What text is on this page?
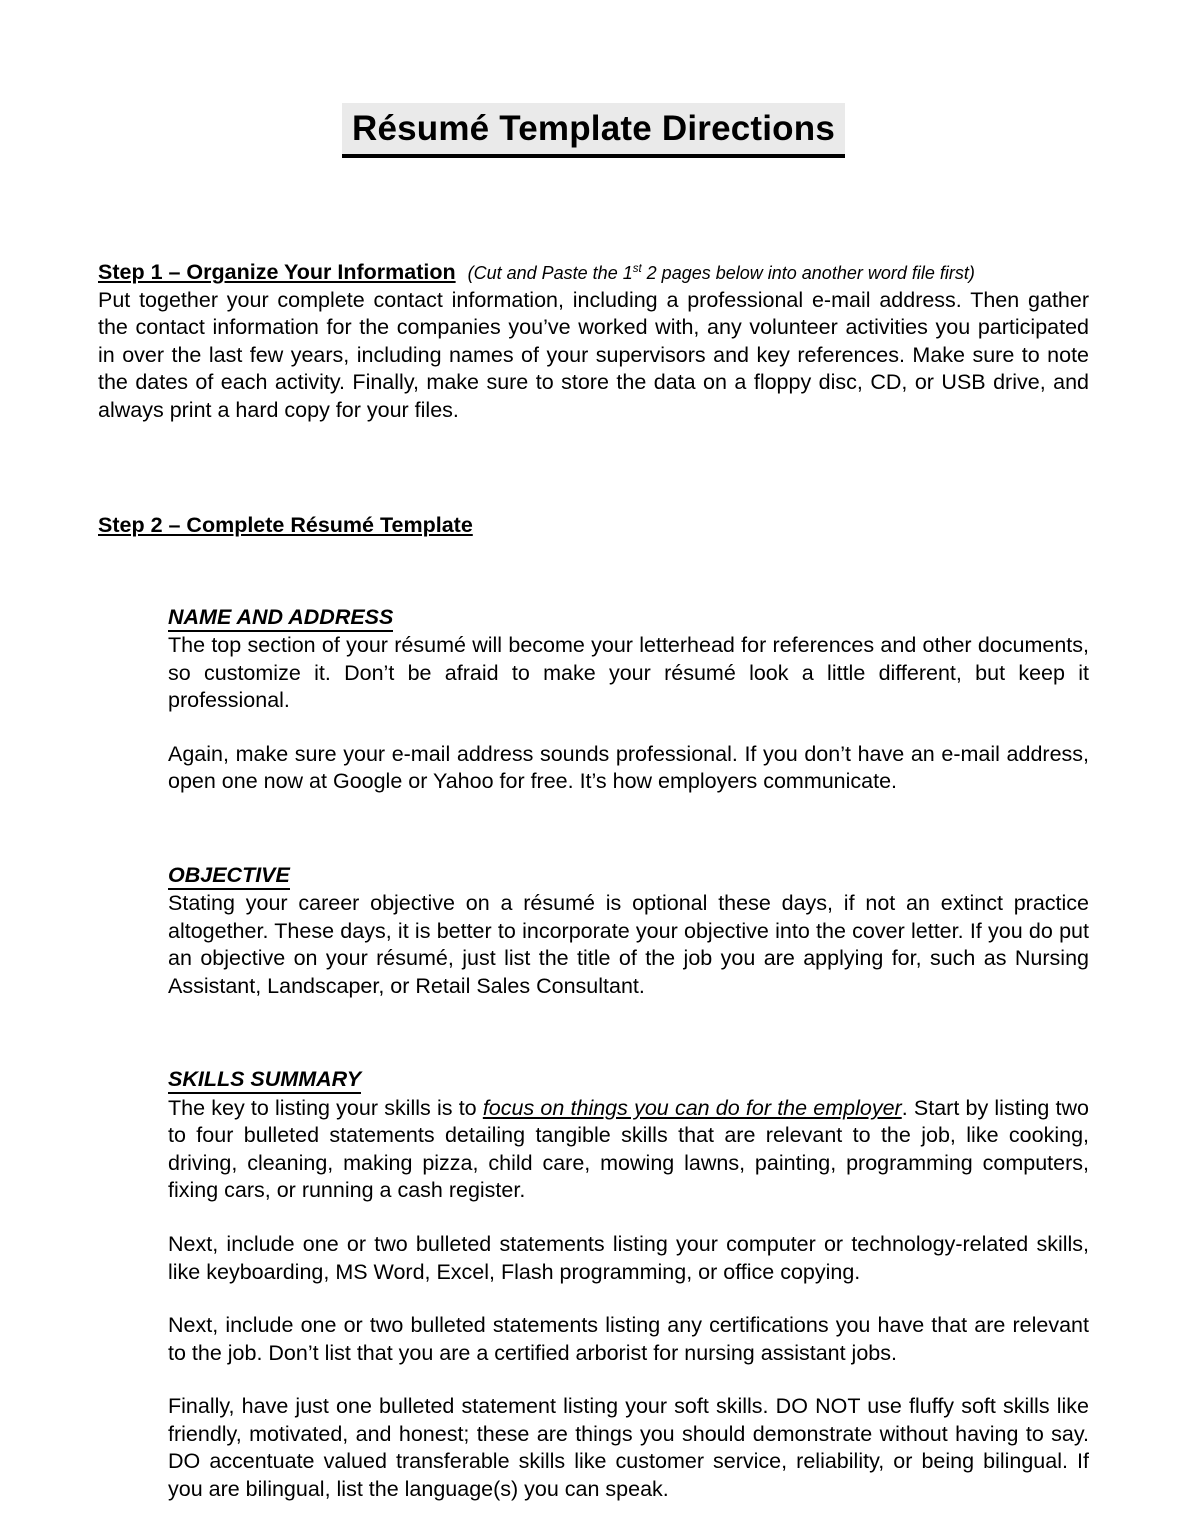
Résumé Template Directions
Step 1 – Organize Your Information (Cut and Paste the 1st 2 pages below into another word file first)

Put together your complete contact information, including a professional e-mail address. Then gather the contact information for the companies you’ve worked with, any volunteer activities you participated in over the last few years, including names of your supervisors and key references. Make sure to note the dates of each activity. Finally, make sure to store the data on a floppy disc, CD, or USB drive, and always print a hard copy for your files.

Step 2 – Complete Résumé Template
NAME AND ADDRESS

The top section of your résumé will become your letterhead for references and other documents, so customize it. Don’t be afraid to make your résumé look a little different, but keep it professional.

Again, make sure your e-mail address sounds professional. If you don’t have an e-mail address, open one now at Google or Yahoo for free. It’s how employers communicate.

OBJECTIVE

Stating your career objective on a résumé is optional these days, if not an extinct practice altogether. These days, it is better to incorporate your objective into the cover letter. If you do put an objective on your résumé, just list the title of the job you are applying for, such as Nursing Assistant, Landscaper, or Retail Sales Consultant.

SKILLS SUMMARY

The key to listing your skills is to focus on things you can do for the employer. Start by listing two to four bulleted statements detailing tangible skills that are relevant to the job, like cooking, driving, cleaning, making pizza, child care, mowing lawns, painting, programming computers, fixing cars, or running a cash register.

Next, include one or two bulleted statements listing your computer or technology-related skills, like keyboarding, MS Word, Excel, Flash programming, or office copying.

Next, include one or two bulleted statements listing any certifications you have that are relevant to the job. Don’t list that you are a certified arborist for nursing assistant jobs.

Finally, have just one bulleted statement listing your soft skills. DO NOT use fluffy soft skills like friendly, motivated, and honest; these are things you should demonstrate without having to say. DO accentuate valued transferable skills like customer service, reliability, or being bilingual. If you are bilingual, list the language(s) you can speak.
